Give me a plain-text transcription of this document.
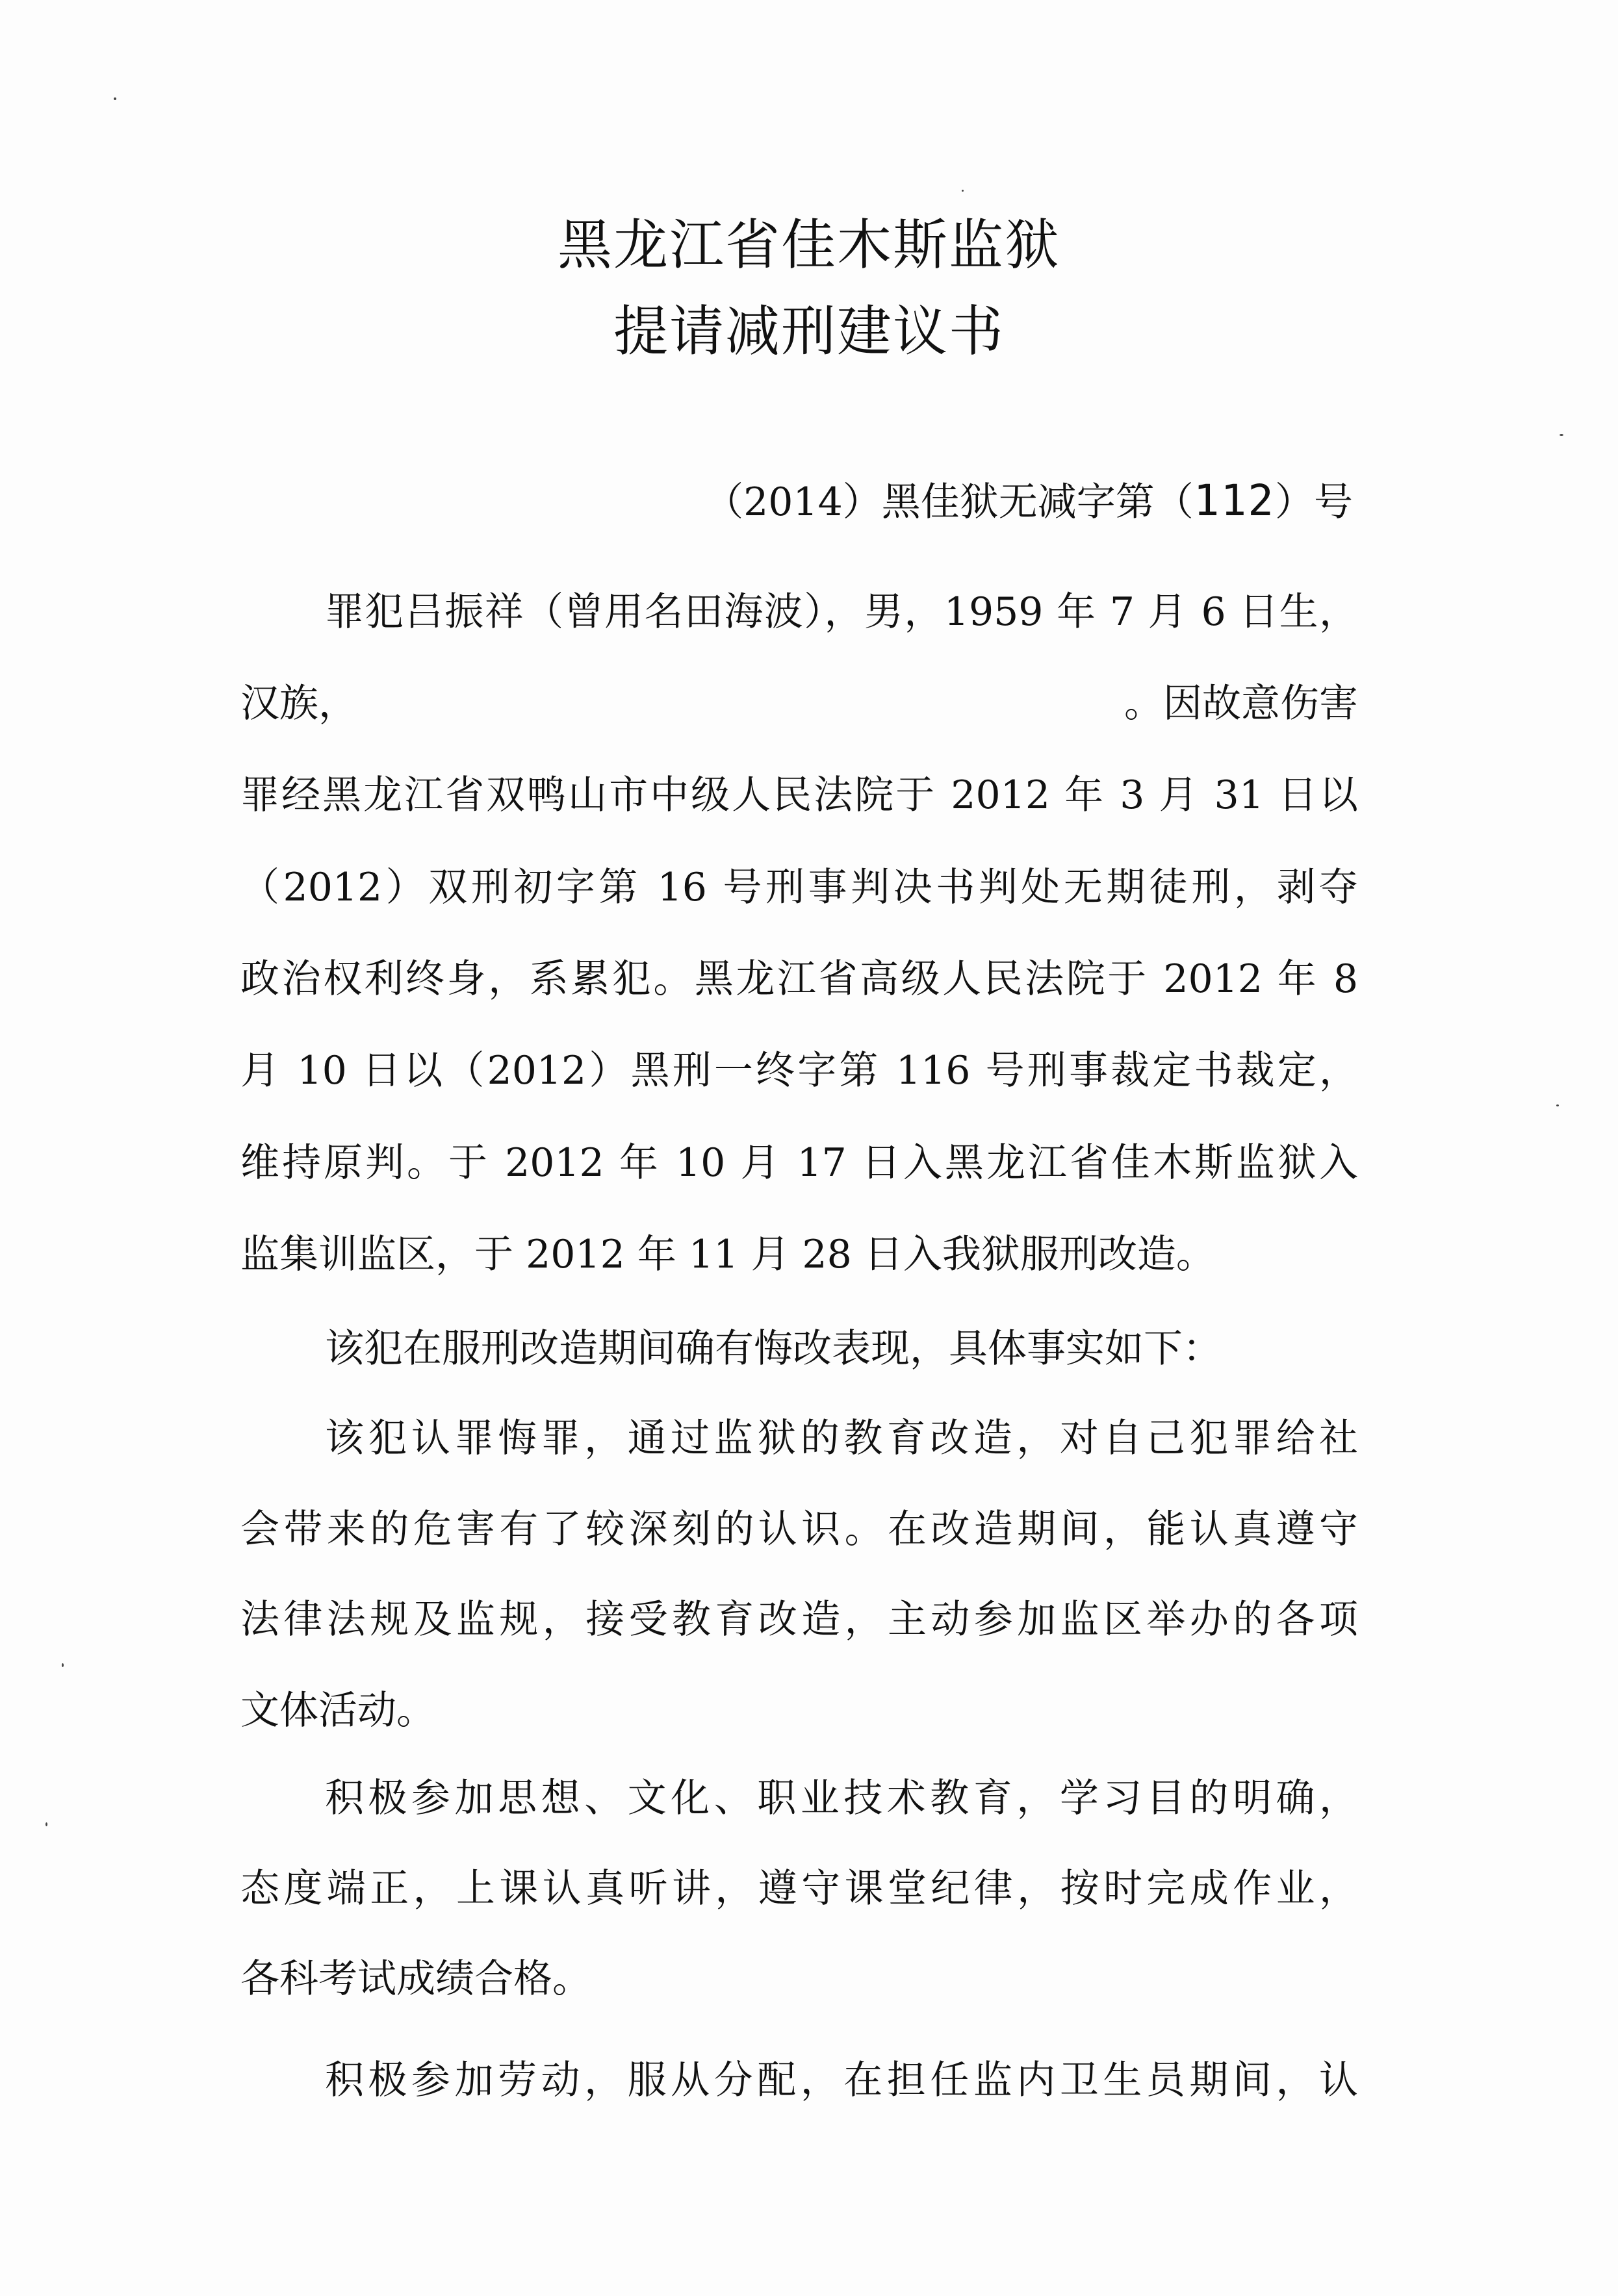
黑龙江省佳木斯监狱
提请减刑建议书
（2014）黑佳狱无减字第（112）号
罪犯吕振祥（曾用名田海波），男，1959 年 7 月 6 日生，
汉族，	。因故意伤害
罪经黑龙江省双鸭山市中级人民法院于 2012 年 3 月 31 日以
（2012）双刑初字第 16 号刑事判决书判处无期徒刑，剥夺
政治权利终身，系累犯。黑龙江省高级人民法院于 2012 年 8
月 10 日以（2012）黑刑一终字第 116 号刑事裁定书裁定，
维持原判。于 2012 年 10 月 17 日入黑龙江省佳木斯监狱入
监集训监区，于 2012 年 11 月 28 日入我狱服刑改造。
该犯在服刑改造期间确有悔改表现，具体事实如下：
该犯认罪悔罪，通过监狱的教育改造，对自己犯罪给社
会带来的危害有了较深刻的认识。在改造期间，能认真遵守
法律法规及监规，接受教育改造，主动参加监区举办的各项
文体活动。
积极参加思想、文化、职业技术教育，学习目的明确，
态度端正，上课认真听讲，遵守课堂纪律，按时完成作业，
各科考试成绩合格。
积极参加劳动，服从分配，在担任监内卫生员期间，认
